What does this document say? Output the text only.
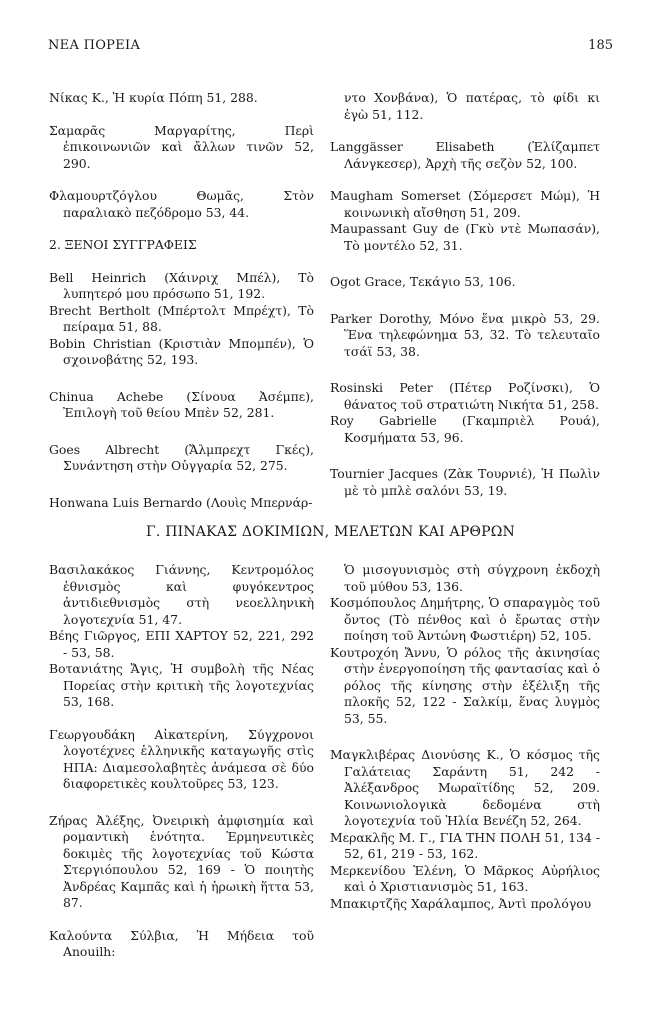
ΝΕΑ ΠΟΡΕΙΑ	185

Νίκας Κ., Ἡ κυρία Πόπη 51, 288.

Σαμαρᾶς Μαργαρίτης, Περὶ ἐπικοινωνιῶν καὶ ἄλλων τινῶν 52, 290.

Φλαμουρτζόγλου Θωμᾶς, Στὸν παραλιακὸ πεζόδρομο 53, 44.

2. ΞΕΝΟΙ ΣΥΓΓΡΑΦΕΙΣ

Bell Heinrich (Χάινριχ Μπέλ), Τὸ λυπητερό μου πρόσωπο 51, 192.

Brecht Bertholt (Μπέρτολτ Μπρέχτ), Τὸ πείραμα 51, 88.

Bobin Christian (Κριστιὰν Μπομπέν), Ὁ σχοινοβάτης 52, 193.

Chinua Achebe (Σίνουα Ἀσέμπε), Ἐπιλογὴ τοῦ θείου Μπὲν 52, 281.

Goes Albrecht (Ἄλμπρεχτ Γκές), Συνάντηση στὴν Οὐγγαρία 52, 275.

Honwana Luis Bernardo (Λουὶς Μπερνάρ-

ντο Χονβάνα), Ὁ πατέρας, τὸ φίδι κι ἐγὼ 51, 112.

Langgässer Elisabeth (Ἐλίζαμπετ Λάνγκεσερ), Ἀρχὴ τῆς σεζὸν 52, 100.

Maugham Somerset (Σόμερσετ Μώμ), Ἡ κοινωνικὴ αἴσθηση 51, 209.

Maupassant Guy de (Γκὺ ντὲ Μωπασάν), Τὸ μοντέλο 52, 31.

Ogot Grace, Τεκάγιο 53, 106.

Parker Dorothy, Μόνο ἕνα μικρὸ 53, 29. Ἕνα τηλεφώνημα 53, 32. Τὸ τελευταῖο τσάϊ 53, 38.

Rosinski Peter (Πέτερ Ροζίνσκι), Ὁ θάνατος τοῦ στρατιώτη Νικήτα 51, 258.

Roy Gabrielle (Γκαμπριὲλ Ρουά), Κοσμήματα 53, 96.

Tournier Jacques (Ζὰκ Τουρνιέ), Ἡ Πωλὶν μὲ τὸ μπλὲ σαλόνι 53, 19.

Γ. ΠΙΝΑΚΑΣ ΔΟΚΙΜΙΩΝ, ΜΕΛΕΤΩΝ ΚΑΙ ΑΡΘΡΩΝ

Βασιλακάκος Γιάννης, Κεντρομόλος ἐθνισμὸς καὶ φυγόκεντρος ἀντιδιεθνισμὸς στὴ νεοελληνικὴ λογοτεχνία 51, 47.

Βέης Γιῶργος, ΕΠΙ ΧΑΡΤΟΥ 52, 221, 292 - 53, 58.

Βοτανιάτης Ἄγις, Ἡ συμβολὴ τῆς Νέας Πορείας στὴν κριτικὴ τῆς λογοτεχνίας 53, 168.

Γεωργουδάκη Αἰκατερίνη, Σύγχρονοι λογοτέχνες ἑλληνικῆς καταγωγῆς στὶς ΗΠΑ: Διαμεσολαβητὲς ἀνάμεσα σὲ δύο διαφορετικὲς κουλτοῦρες 53, 123.

Ζήρας Ἀλέξης, Ὀνειρικὴ ἀμφισημία καὶ ρομαντικὴ ἑνότητα. Ἑρμηνευτικὲς δοκιμὲς τῆς λογοτεχνίας τοῦ Κώστα Στεργιόπουλου 52, 169 - Ὁ ποιητὴς Ἀνδρέας Καμπᾶς καὶ ἡ ἡρωικὴ ἥττα 53, 87.

Καλούντα Σύλβια, Ἡ Μήδεια τοῦ Anouilh:

Ὁ μισογυνισμὸς στὴ σύγχρονη ἐκδοχὴ τοῦ μύθου 53, 136.

Κοσμόπουλος Δημήτρης, Ὁ σπαραγμὸς τοῦ ὄντος (Τὸ πένθος καὶ ὁ ἔρωτας στὴν ποίηση τοῦ Ἀντώνη Φωστιέρη) 52, 105.

Κουτροχόη Ἄννυ, Ὁ ρόλος τῆς ἀκινησίας στὴν ἐνεργοποίηση τῆς φαντασίας καὶ ὁ ρόλος τῆς κίνησης στὴν ἐξέλιξη τῆς πλοκῆς 52, 122 - Σαλκίμ, ἕνας λυγμὸς 53, 55.

Μαγκλιβέρας Διονύσης Κ., Ὁ κόσμος τῆς Γαλάτειας Σαράντη 51, 242 - Ἀλέξανδρος Μωραϊτίδης 52, 209. Κοινωνιολογικὰ δεδομένα στὴ λογοτεχνία τοῦ Ἠλία Βενέζη 52, 264.

Μερακλῆς Μ. Γ., ΓΙΑ ΤΗΝ ΠΟΛΗ 51, 134 - 52, 61, 219 - 53, 162.

Μερκενίδου Ἑλένη, Ὁ Μᾶρκος Αὐρήλιος καὶ ὁ Χριστιανισμὸς 51, 163.

Μπακιρτζῆς Χαράλαμπος, Ἀντὶ προλόγου
